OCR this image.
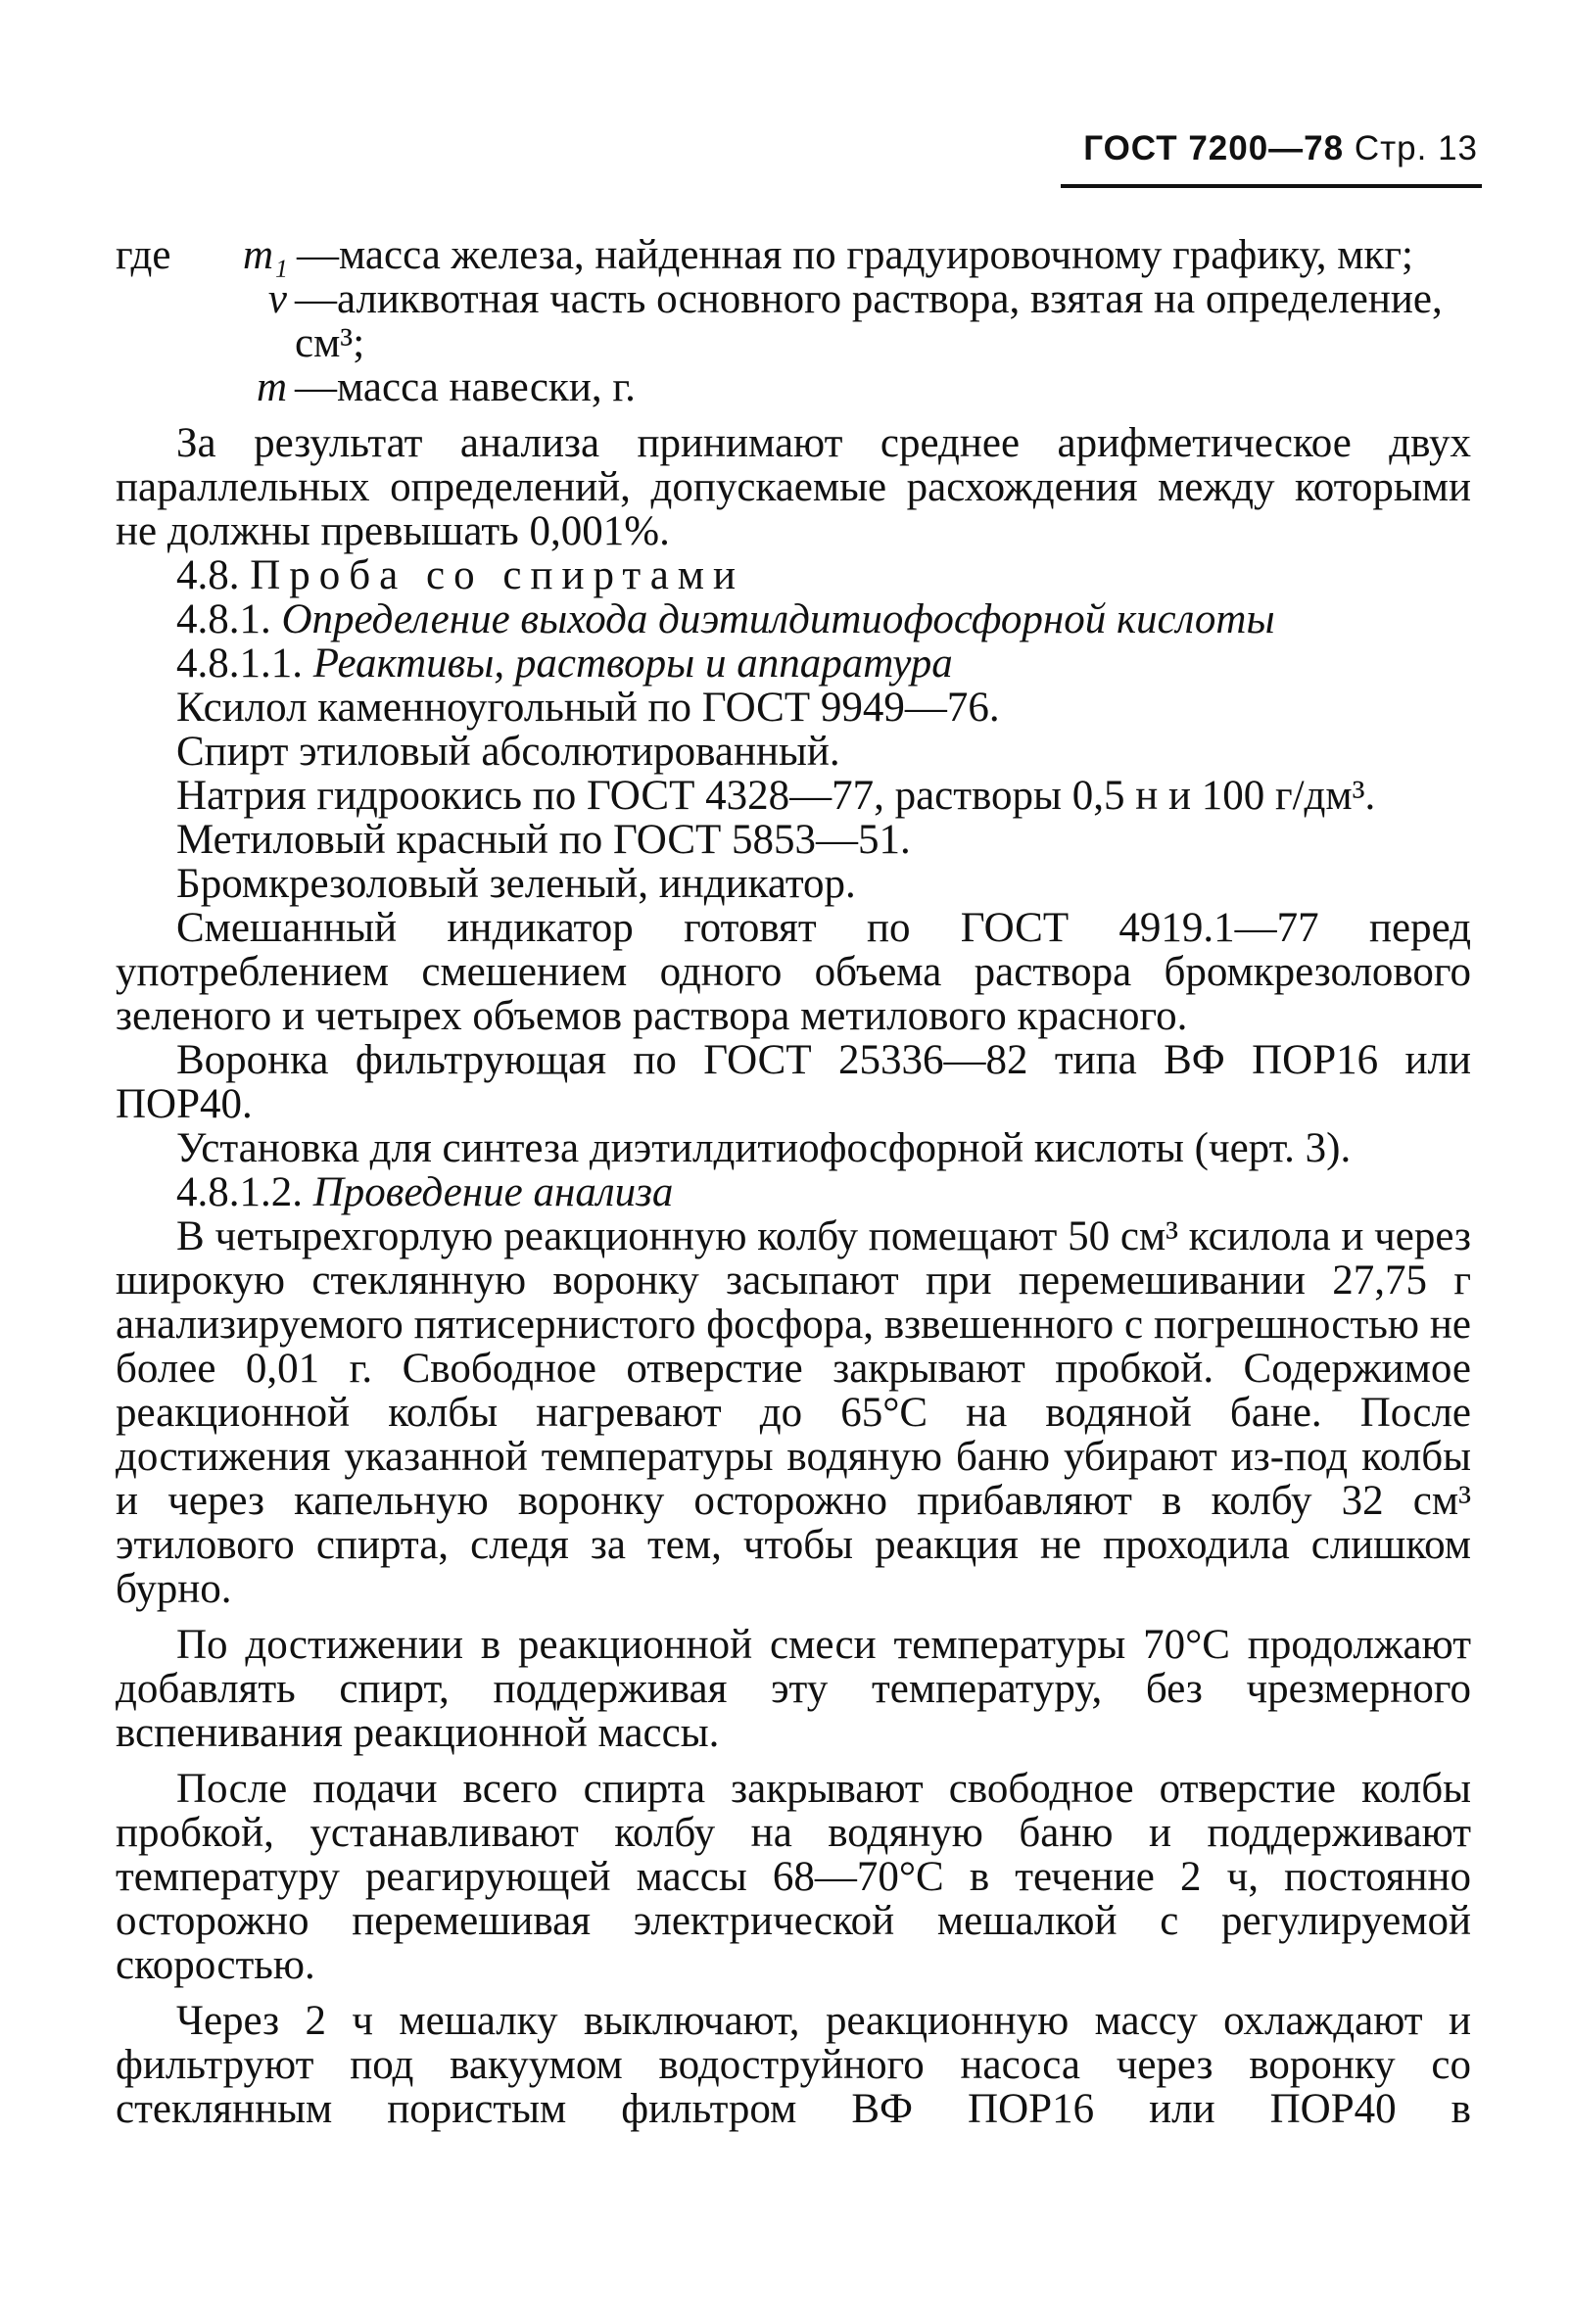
ГОСТ 7200—78 Стр. 13
где	m₁ —масса железа, найденная по градуировочному графику, мкг;
v —аликвотная часть основного раствора, взятая на определение, см³;
m —масса навески, г.

За результат анализа принимают среднее арифметическое двух параллельных определений, допускаемые расхождения между которыми не должны превышать 0,001%.

4.8. Проба со спиртами

4.8.1. Определение выхода диэтилдитиофосфорной кислоты

4.8.1.1. Реактивы, растворы и аппаратура

Ксилол каменноугольный по ГОСТ 9949—76.

Спирт этиловый абсолютированный.

Натрия гидроокись по ГОСТ 4328—77, растворы 0,5 н и 100 г/дм³.

Метиловый красный по ГОСТ 5853—51.

Бромкрезоловый зеленый, индикатор.

Смешанный индикатор готовят по ГОСТ 4919.1—77 перед употреблением смешением одного объема раствора бромкрезолового зеленого и четырех объемов раствора метилового красного.

Воронка фильтрующая по ГОСТ 25336—82 типа ВФ ПОР16 или ПОР40.

Установка для синтеза диэтилдитиофосфорной кислоты (черт. 3).

4.8.1.2. Проведение анализа

В четырехгорлую реакционную колбу помещают 50 см³ ксилола и через широкую стеклянную воронку засыпают при перемешивании 27,75 г анализируемого пятисернистого фосфора, взвешенного с погрешностью не более 0,01 г. Свободное отверстие закрывают пробкой. Содержимое реакционной колбы нагревают до 65°С на водяной бане. После достижения указанной температуры водяную баню убирают из-под колбы и через капельную воронку осторожно прибавляют в колбу 32 см³ этилового спирта, следя за тем, чтобы реакция не проходила слишком бурно.

По достижении в реакционной смеси температуры 70°С продолжают добавлять спирт, поддерживая эту температуру, без чрезмерного вспенивания реакционной массы.

После подачи всего спирта закрывают свободное отверстие колбы пробкой, устанавливают колбу на водяную баню и поддерживают температуру реагирующей массы 68—70°С в течение 2 ч, постоянно осторожно перемешивая электрической мешалкой с регулируемой скоростью.

Через 2 ч мешалку выключают, реакционную массу охлаждают и фильтруют под вакуумом водоструйного насоса через воронку со стеклянным пористым фильтром ВФ ПОР16 или ПОР40 в
